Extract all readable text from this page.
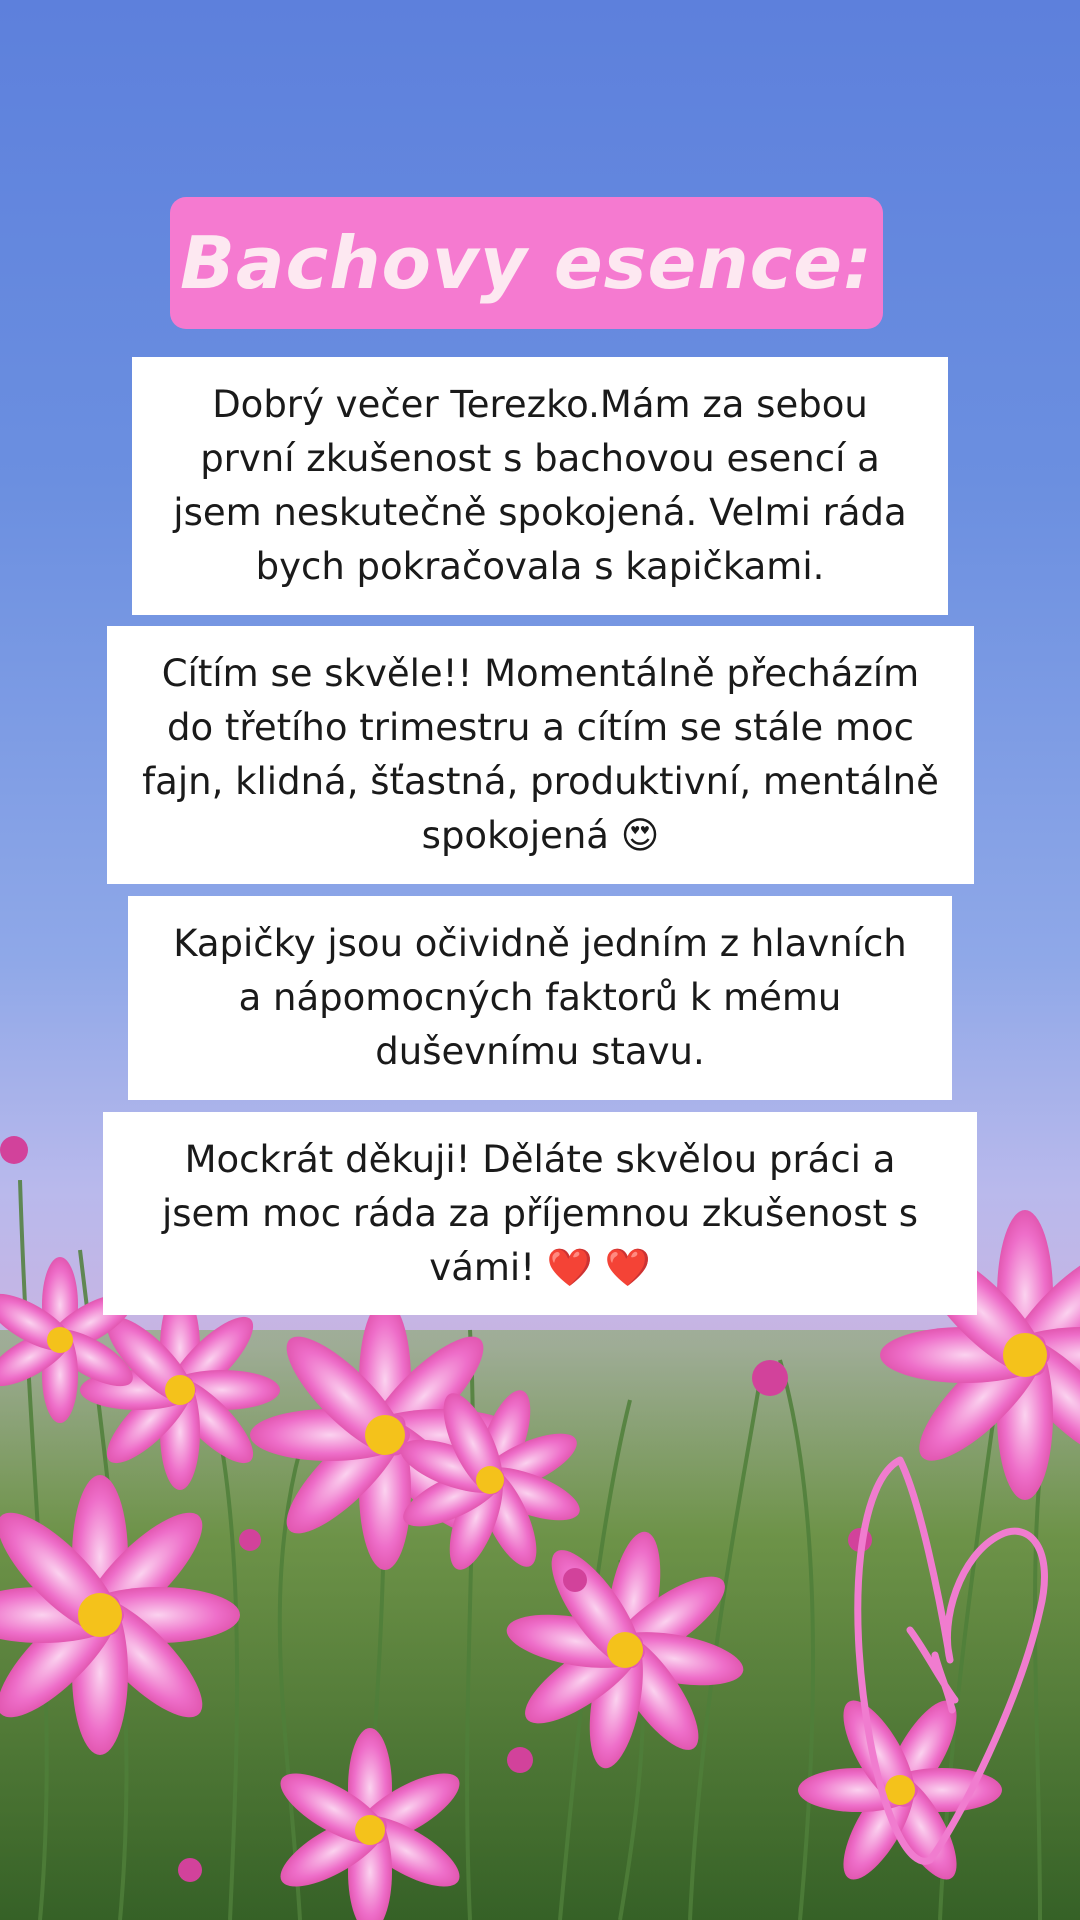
Bachovy esence:
Dobrý večer Terezko.Mám za sebou první zkušenost s bachovou esencí a jsem neskutečně spokojená. Velmi ráda bych pokračovala s kapičkami.
Cítím se skvěle!! Momentálně přecházím do třetího trimestru a cítím se stále moc fajn, klidná, šťastná, produktivní, mentálně spokojená 😍
Kapičky jsou očividně jedním z hlavních a nápomocných faktorů k mému duševnímu stavu.
Mockrát děkuji! Děláte skvělou práci a jsem moc ráda za příjemnou zkušenost s vámi! ❤️ ❤️
